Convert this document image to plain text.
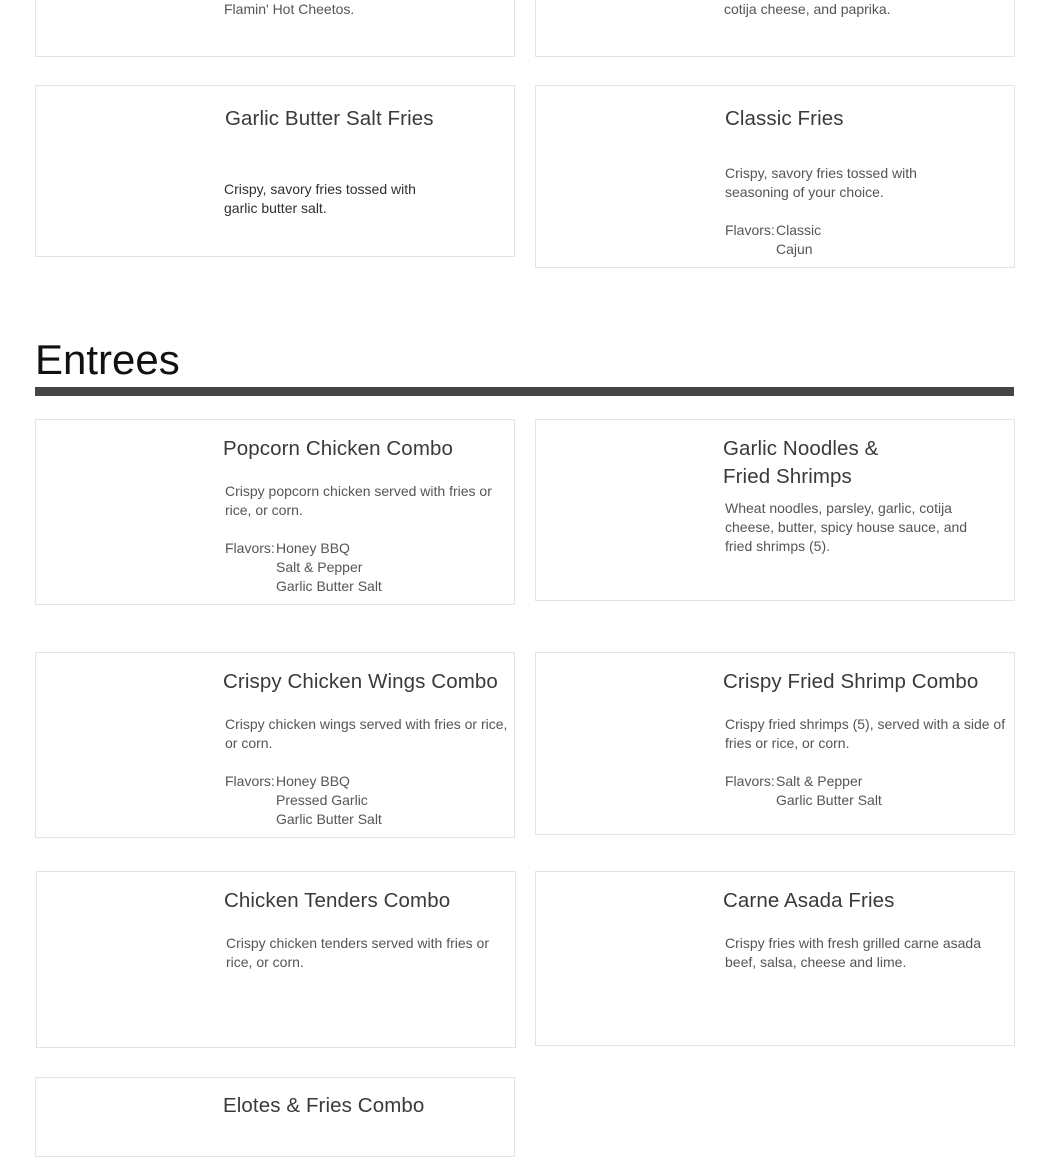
Flamin' Hot Cheetos.	cotija cheese, and paprika.
Garlic Butter Salt Fries
Crispy, savory fries tossed with
garlic butter salt.
Classic Fries
Crispy, savory fries tossed with
seasoning of your choice.
Flavors: Classic
Cajun
Entrees
Popcorn Chicken Combo
Crispy popcorn chicken served with fries or
rice, or corn.
Flavors: Honey BBQ
Salt & Pepper
Garlic Butter Salt
Garlic Noodles &
Fried Shrimps
Wheat noodles, parsley, garlic, cotija
cheese, butter, spicy house sauce, and
fried shrimps (5).
Crispy Chicken Wings Combo
Crispy chicken wings served with fries or rice,
or corn.
Flavors: Honey BBQ
Pressed Garlic
Garlic Butter Salt
Crispy Fried Shrimp Combo
Crispy fried shrimps (5), served with a side of
fries or rice, or corn.
Flavors: Salt & Pepper
Garlic Butter Salt
Chicken Tenders Combo
Crispy chicken tenders served with fries or
rice, or corn.
Carne Asada Fries
Crispy fries with fresh grilled carne asada
beef, salsa, cheese and lime.
Elotes & Fries Combo
